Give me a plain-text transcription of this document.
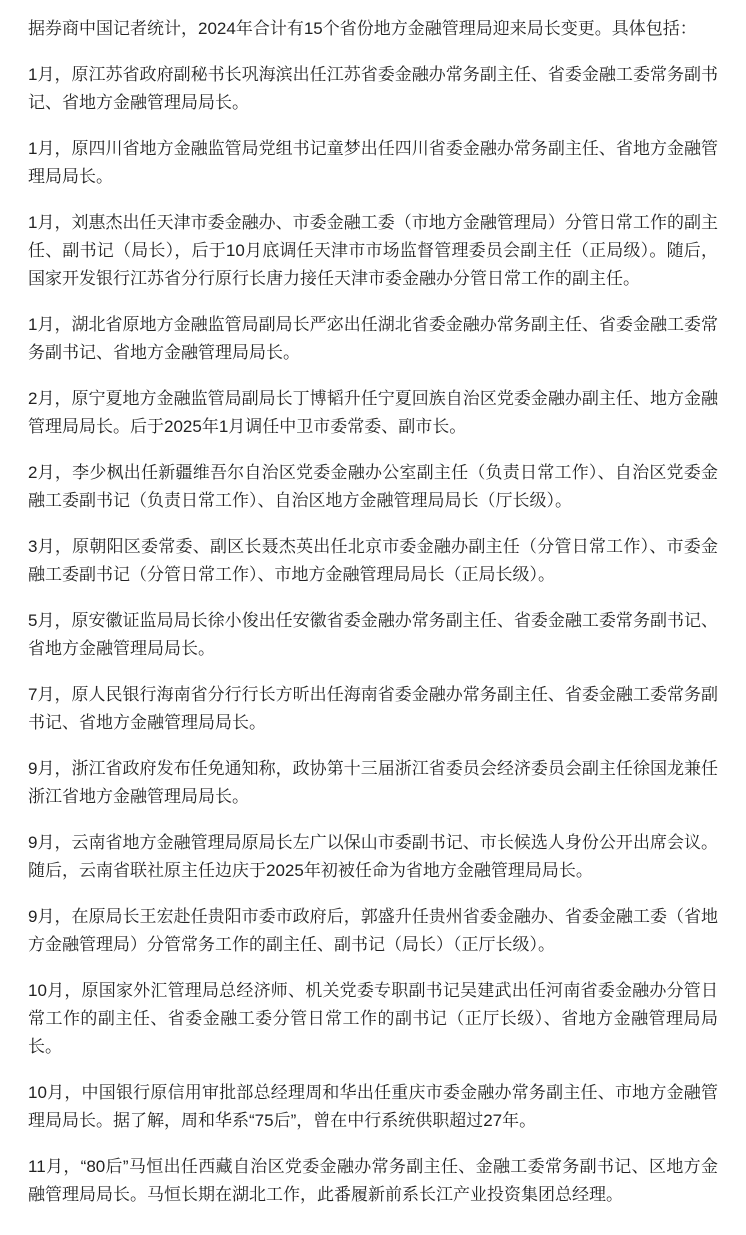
据券商中国记者统计，2024年合计有15个省份地方金融管理局迎来局长变更。具体包括：

1月，原江苏省政府副秘书长巩海滨出任江苏省委金融办常务副主任、省委金融工委常务副书记、省地方金融管理局局长。

1月，原四川省地方金融监管局党组书记童梦出任四川省委金融办常务副主任、省地方金融管理局局长。

1月，刘惠杰出任天津市委金融办、市委金融工委（市地方金融管理局）分管日常工作的副主任、副书记（局长），后于10月底调任天津市市场监督管理委员会副主任（正局级）。随后，国家开发银行江苏省分行原行长唐力接任天津市委金融办分管日常工作的副主任。

1月，湖北省原地方金融监管局副局长严宓出任湖北省委金融办常务副主任、省委金融工委常务副书记、省地方金融管理局局长。

2月，原宁夏地方金融监管局副局长丁博韬升任宁夏回族自治区党委金融办副主任、地方金融管理局局长。后于2025年1月调任中卫市委常委、副市长。

2月，李少枫出任新疆维吾尔自治区党委金融办公室副主任（负责日常工作）、自治区党委金融工委副书记（负责日常工作）、自治区地方金融管理局局长（厅长级）。

3月，原朝阳区委常委、副区长聂杰英出任北京市委金融办副主任（分管日常工作）、市委金融工委副书记（分管日常工作）、市地方金融管理局局长（正局长级）。

5月，原安徽证监局局长徐小俊出任安徽省委金融办常务副主任、省委金融工委常务副书记、省地方金融管理局局长。

7月，原人民银行海南省分行行长方昕出任海南省委金融办常务副主任、省委金融工委常务副书记、省地方金融管理局局长。

9月，浙江省政府发布任免通知称，政协第十三届浙江省委员会经济委员会副主任徐国龙兼任浙江省地方金融管理局局长。

9月，云南省地方金融管理局原局长左广以保山市委副书记、市长候选人身份公开出席会议。随后，云南省联社原主任边庆于2025年初被任命为省地方金融管理局局长。

9月，在原局长王宏赴任贵阳市委市政府后，郭盛升任贵州省委金融办、省委金融工委（省地方金融管理局）分管常务工作的副主任、副书记（局长）（正厅长级）。

10月，原国家外汇管理局总经济师、机关党委专职副书记吴建武出任河南省委金融办分管日常工作的副主任、省委金融工委分管日常工作的副书记（正厅长级）、省地方金融管理局局长。

10月，中国银行原信用审批部总经理周和华出任重庆市委金融办常务副主任、市地方金融管理局局长。据了解，周和华系“75后”，曾在中行系统供职超过27年。

11月，“80后”马恒出任西藏自治区党委金融办常务副主任、金融工委常务副书记、区地方金融管理局局长。马恒长期在湖北工作，此番履新前系长江产业投资集团总经理。
